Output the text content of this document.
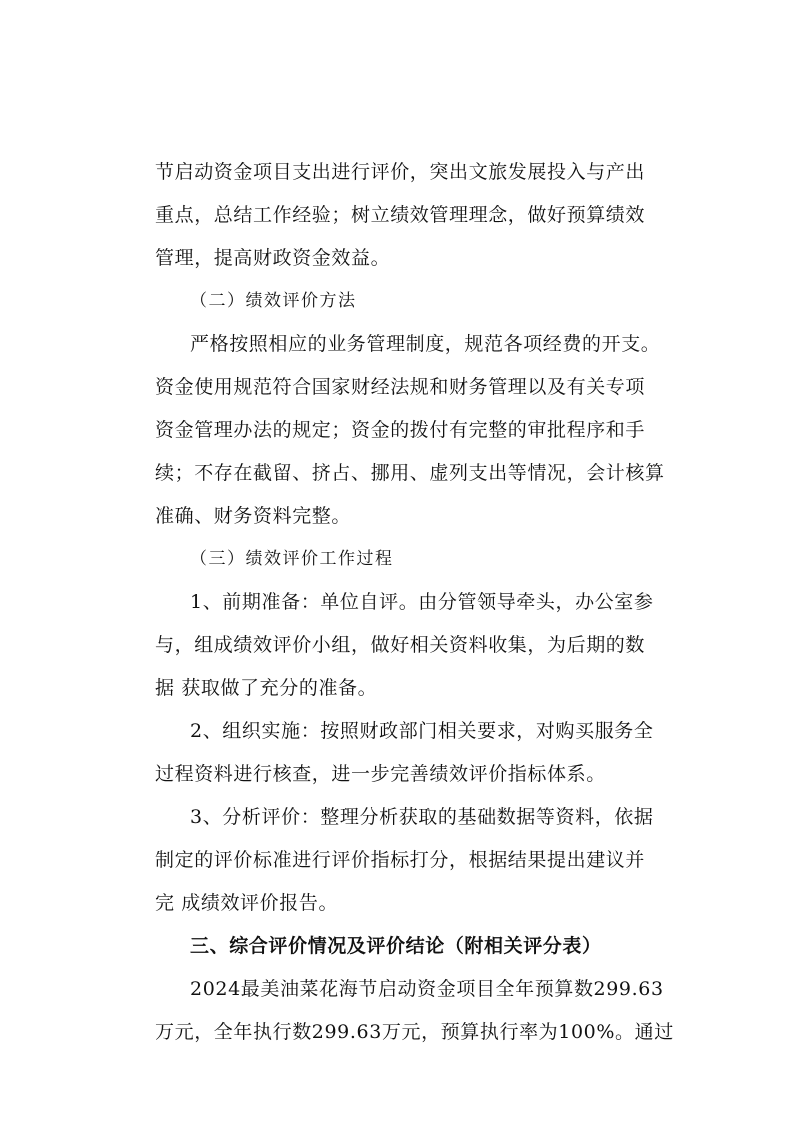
节启动资金项目支出进行评价，突出文旅发展投入与产出
重点，总结工作经验；树立绩效管理理念，做好预算绩效
管理，提高财政资金效益。
（二）绩效评价方法
严格按照相应的业务管理制度，规范各项经费的开支。
资金使用规范符合国家财经法规和财务管理以及有关专项
资金管理办法的规定；资金的拨付有完整的审批程序和手
续；不存在截留、挤占、挪用、虚列支出等情况，会计核算
准确、财务资料完整。
（三）绩效评价工作过程
1、前期准备：单位自评。由分管领导牵头，办公室参
与，组成绩效评价小组，做好相关资料收集，为后期的数
据 获取做了充分的准备。
2、组织实施：按照财政部门相关要求，对购买服务全
过程资料进行核查，进一步完善绩效评价指标体系。
3、分析评价：整理分析获取的基础数据等资料，依据
制定的评价标准进行评价指标打分，根据结果提出建议并
完 成绩效评价报告。
三、综合评价情况及评价结论（附相关评分表）
2024最美油菜花海节启动资金项目全年预算数299.63
万元，全年执行数299.63万元，预算执行率为100%。通过
